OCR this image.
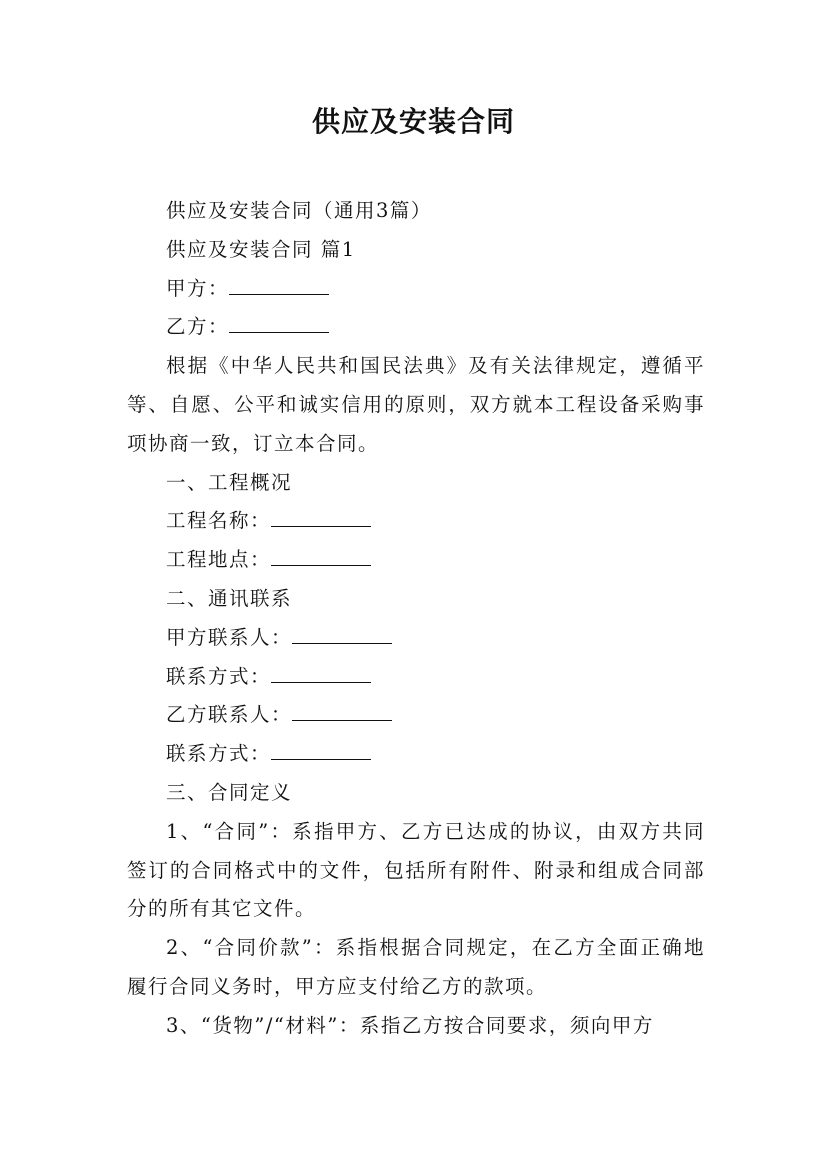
供应及安装合同

供应及安装合同（通用3篇）

供应及安装合同 篇1

甲方：

乙方：

根据《中华人民共和国民法典》及有关法律规定，遵循平等、自愿、公平和诚实信用的原则，双方就本工程设备采购事项协商一致，订立本合同。

一、工程概况

工程名称：

工程地点：

二、通讯联系

甲方联系人：

联系方式：

乙方联系人：

联系方式：

三、合同定义

1、“合同”：系指甲方、乙方已达成的协议，由双方共同签订的合同格式中的文件，包括所有附件、附录和组成合同部分的所有其它文件。

2、“合同价款”：系指根据合同规定，在乙方全面正确地履行合同义务时，甲方应支付给乙方的款项。

3、“货物”/“材料”：系指乙方按合同要求，须向甲方
